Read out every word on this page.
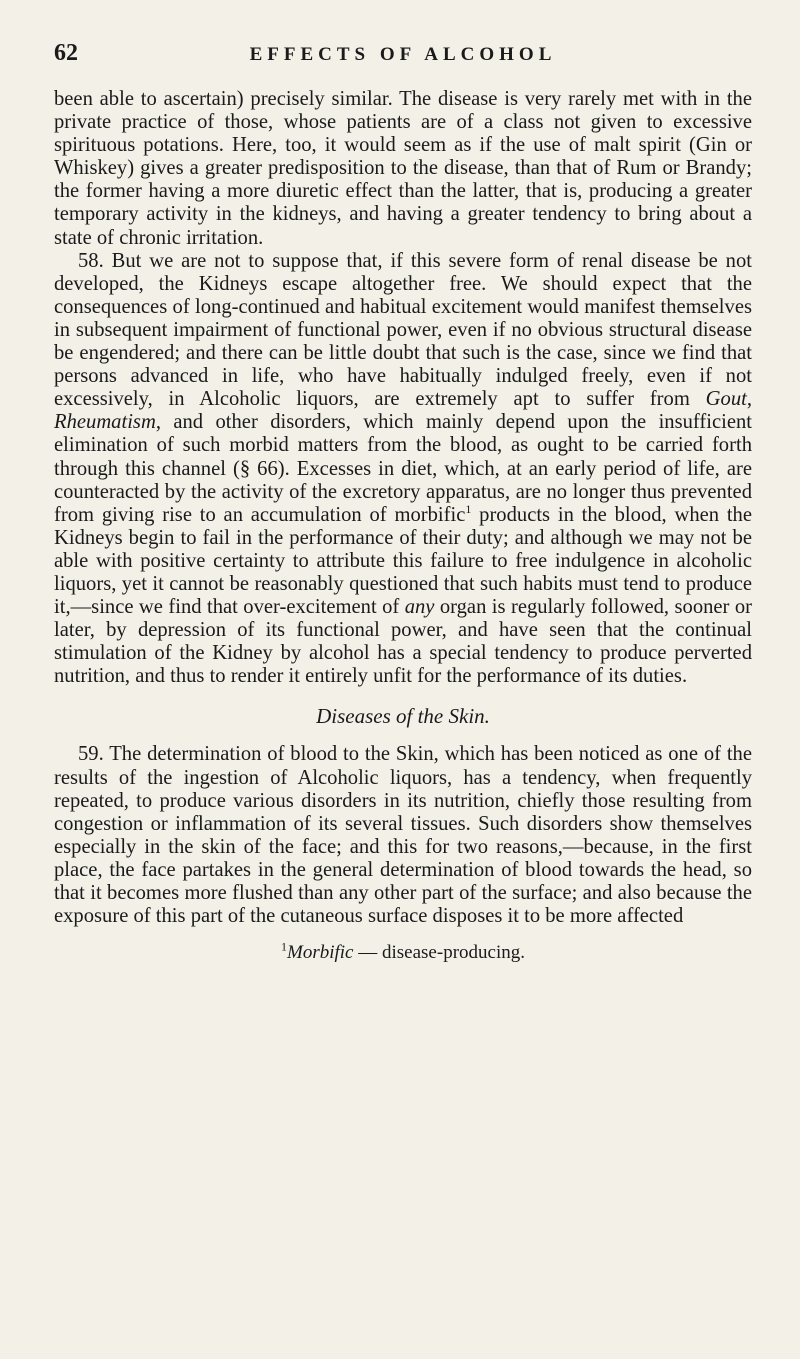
62	EFFECTS OF ALCOHOL

been able to ascertain) precisely similar. The disease is very rarely met with in the private practice of those, whose patients are of a class not given to excessive spirituous potations. Here, too, it would seem as if the use of malt spirit (Gin or Whiskey) gives a greater predisposition to the disease, than that of Rum or Brandy; the former having a more diuretic effect than the latter, that is, producing a greater temporary activity in the kidneys, and having a greater tendency to bring about a state of chronic irritation.

58. But we are not to suppose that, if this severe form of renal disease be not developed, the Kidneys escape altogether free. We should expect that the consequences of long-continued and habitual excitement would manifest themselves in subsequent impairment of functional power, even if no obvious structural disease be engendered; and there can be little doubt that such is the case, since we find that persons advanced in life, who have habitually indulged freely, even if not excessively, in Alcoholic liquors, are extremely apt to suffer from Gout, Rheumatism, and other disorders, which mainly depend upon the insufficient elimination of such morbid matters from the blood, as ought to be carried forth through this channel (§ 66). Excesses in diet, which, at an early period of life, are counteracted by the activity of the excretory apparatus, are no longer thus prevented from giving rise to an accumulation of morbific$^1$ products in the blood, when the Kidneys begin to fail in the performance of their duty; and although we may not be able with positive certainty to attribute this failure to free indulgence in alcoholic liquors, yet it cannot be reasonably questioned that such habits must tend to produce it,—since we find that over-excitement of any organ is regularly followed, sooner or later, by depression of its functional power, and have seen that the continual stimulation of the Kidney by alcohol has a special tendency to produce perverted nutrition, and thus to render it entirely unfit for the performance of its duties.

Diseases of the Skin.

59. The determination of blood to the Skin, which has been noticed as one of the results of the ingestion of Alcoholic liquors, has a tendency, when frequently repeated, to produce various disorders in its nutrition, chiefly those resulting from congestion or inflammation of its several tissues. Such disorders show themselves especially in the skin of the face; and this for two reasons,—because, in the first place, the face partakes in the general determination of blood towards the head, so that it becomes more flushed than any other part of the surface; and also because the exposure of this part of the cutaneous surface disposes it to be more affected

$^1$Morbific — disease-producing.
